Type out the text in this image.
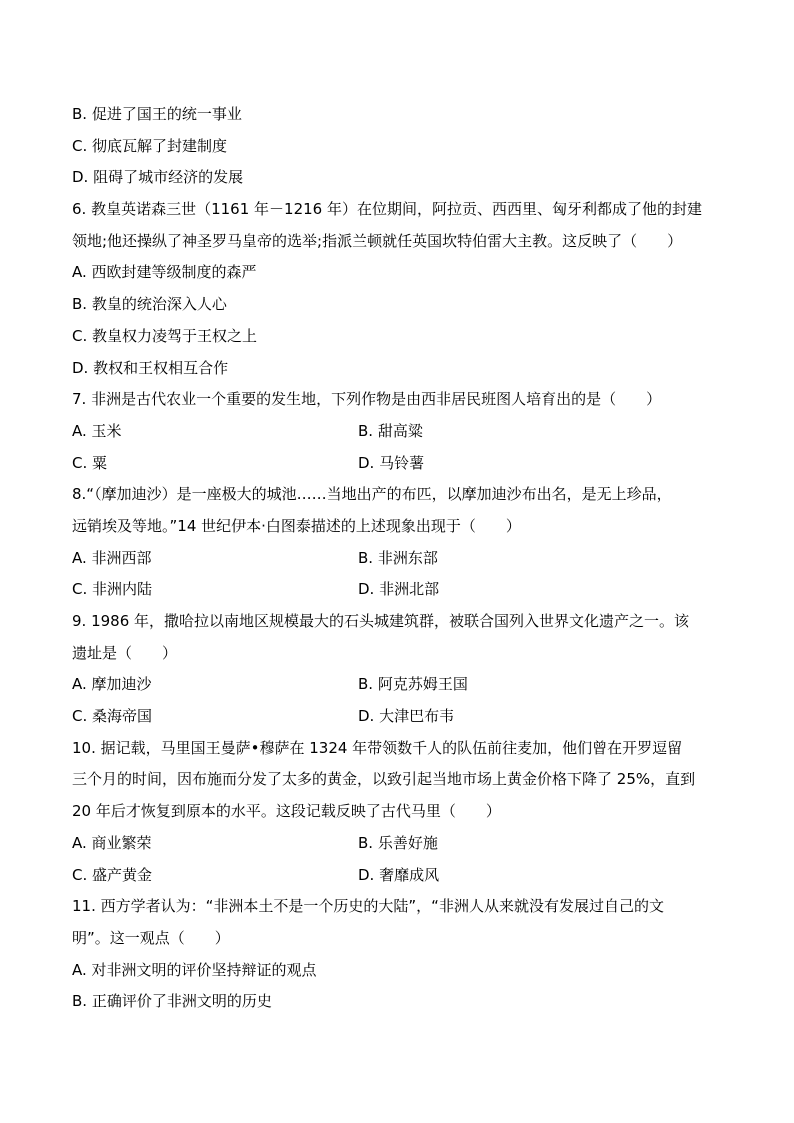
B. 促进了国王的统一事业
C. 彻底瓦解了封建制度
D. 阻碍了城市经济的发展
6. 教皇英诺森三世（1161 年－1216 年）在位期间，阿拉贡、西西里、匈牙利都成了他的封建
领地;他还操纵了神圣罗马皇帝的选举;指派兰顿就任英国坎特伯雷大主教。这反映了（　　）
A. 西欧封建等级制度的森严
B. 教皇的统治深入人心
C. 教皇权力凌驾于王权之上
D. 教权和王权相互合作
7. 非洲是古代农业一个重要的发生地，下列作物是由西非居民班图人培育出的是（　　）
A. 玉米	B. 甜高粱
C. 粟	D. 马铃薯
8.“（摩加迪沙）是一座极大的城池……当地出产的布匹，以摩加迪沙布出名，是无上珍品，
远销埃及等地。”14 世纪伊本·白图泰描述的上述现象出现于（　　）
A. 非洲西部	B. 非洲东部
C. 非洲内陆	D. 非洲北部
9. 1986 年，撒哈拉以南地区规模最大的石头城建筑群，被联合国列入世界文化遗产之一。该
遗址是（　　）
A. 摩加迪沙	B. 阿克苏姆王国
C. 桑海帝国	D. 大津巴布韦
10. 据记载，马里国王曼萨•穆萨在 1324 年带领数千人的队伍前往麦加，他们曾在开罗逗留
三个月的时间，因布施而分发了太多的黄金，以致引起当地市场上黄金价格下降了 25%，直到
20 年后才恢复到原本的水平。这段记载反映了古代马里（　　）
A. 商业繁荣	B. 乐善好施
C. 盛产黄金	D. 奢靡成风
11. 西方学者认为：“非洲本土不是一个历史的大陆”，“非洲人从来就没有发展过自己的文
明”。这一观点（　　）
A. 对非洲文明的评价坚持辩证的观点
B. 正确评价了非洲文明的历史
